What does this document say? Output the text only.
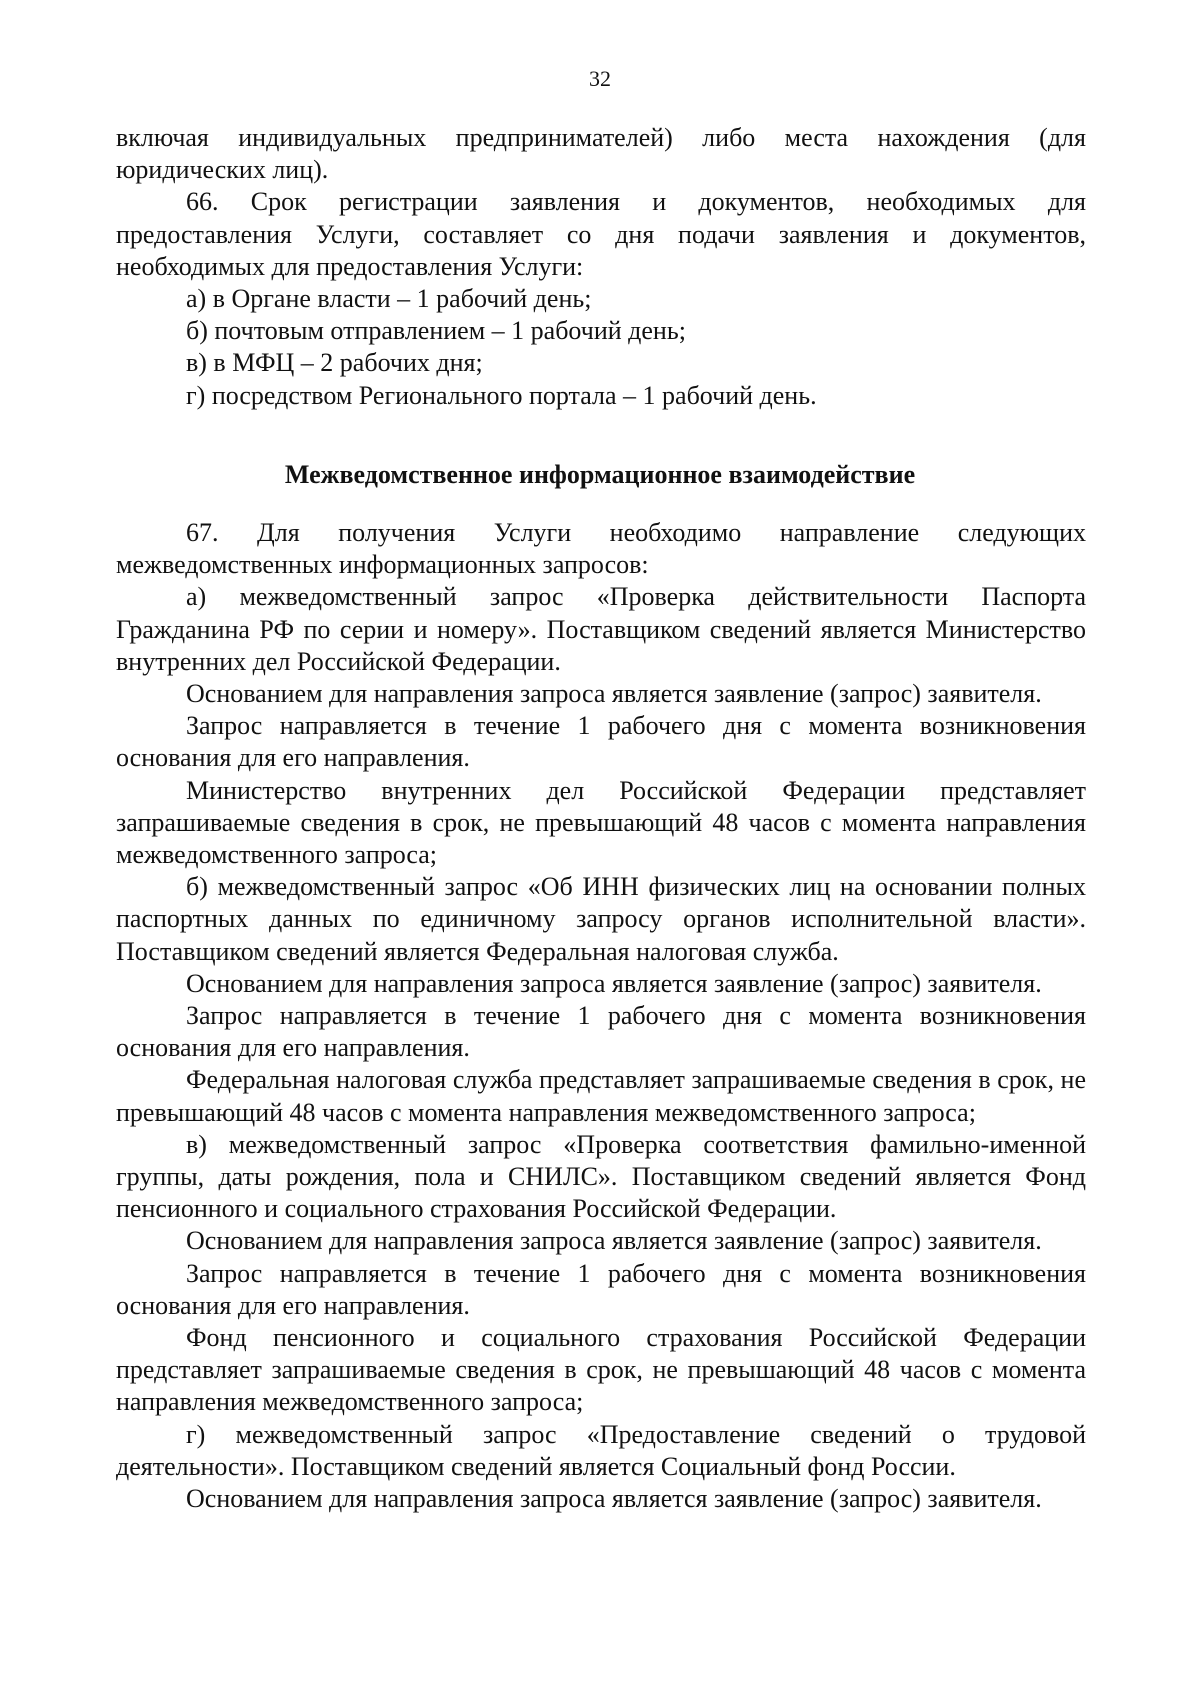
32

включая индивидуальных предпринимателей) либо места нахождения (для юридических лиц).

66. Срок регистрации заявления и документов, необходимых для предоставления Услуги, составляет со дня подачи заявления и документов, необходимых для предоставления Услуги:

а) в Органе власти – 1 рабочий день;

б) почтовым отправлением – 1 рабочий день;

в) в МФЦ – 2 рабочих дня;

г) посредством Регионального портала – 1 рабочий день.

Межведомственное информационное взаимодействие

67. Для получения Услуги необходимо направление следующих межведомственных информационных запросов:

а) межведомственный запрос «Проверка действительности Паспорта Гражданина РФ по серии и номеру». Поставщиком сведений является Министерство внутренних дел Российской Федерации.

Основанием для направления запроса является заявление (запрос) заявителя.

Запрос направляется в течение 1 рабочего дня с момента возникновения основания для его направления.

Министерство внутренних дел Российской Федерации представляет запрашиваемые сведения в срок, не превышающий 48 часов с момента направления межведомственного запроса;

б) межведомственный запрос «Об ИНН физических лиц на основании полных паспортных данных по единичному запросу органов исполнительной власти». Поставщиком сведений является Федеральная налоговая служба.

Основанием для направления запроса является заявление (запрос) заявителя.

Запрос направляется в течение 1 рабочего дня с момента возникновения основания для его направления.

Федеральная налоговая служба представляет запрашиваемые сведения в срок, не превышающий 48 часов с момента направления межведомственного запроса;

в) межведомственный запрос «Проверка соответствия фамильно-именной группы, даты рождения, пола и СНИЛС». Поставщиком сведений является Фонд пенсионного и социального страхования Российской Федерации.

Основанием для направления запроса является заявление (запрос) заявителя.

Запрос направляется в течение 1 рабочего дня с момента возникновения основания для его направления.

Фонд пенсионного и социального страхования Российской Федерации представляет запрашиваемые сведения в срок, не превышающий 48 часов с момента направления межведомственного запроса;

г) межведомственный запрос «Предоставление сведений о трудовой деятельности». Поставщиком сведений является Социальный фонд России.

Основанием для направления запроса является заявление (запрос) заявителя.
